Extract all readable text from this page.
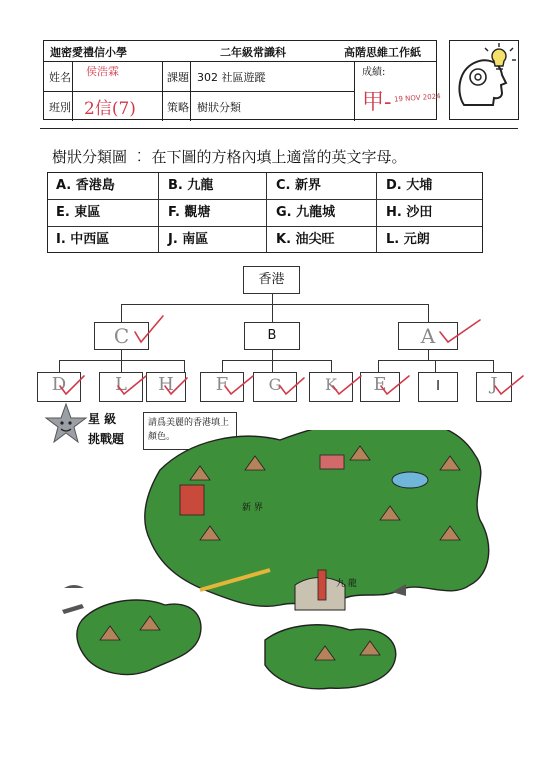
迦密愛禮信小學	二年級常識科	高階思維工作紙
姓名 侯浩霖	課題 302 社區遊蹤
班別 2信(7)	策略 樹狀分類
成績:
甲- 19 NOV 2024
樹狀分類圖 ︰ 在下圖的方格內填上適當的英文字母。
A. 香港島	B. 九龍	C. 新界	D. 大埔
E. 東區	F. 觀塘	G. 九龍城	H. 沙田
I. 中西區	J. 南區	K. 油尖旺	L. 元朗
香港
C	B	A
D	L	H	F	G	K	E	I	J
星 級
挑戰題
請爲美麗的香港填上顏色。
新 界
九 龍
